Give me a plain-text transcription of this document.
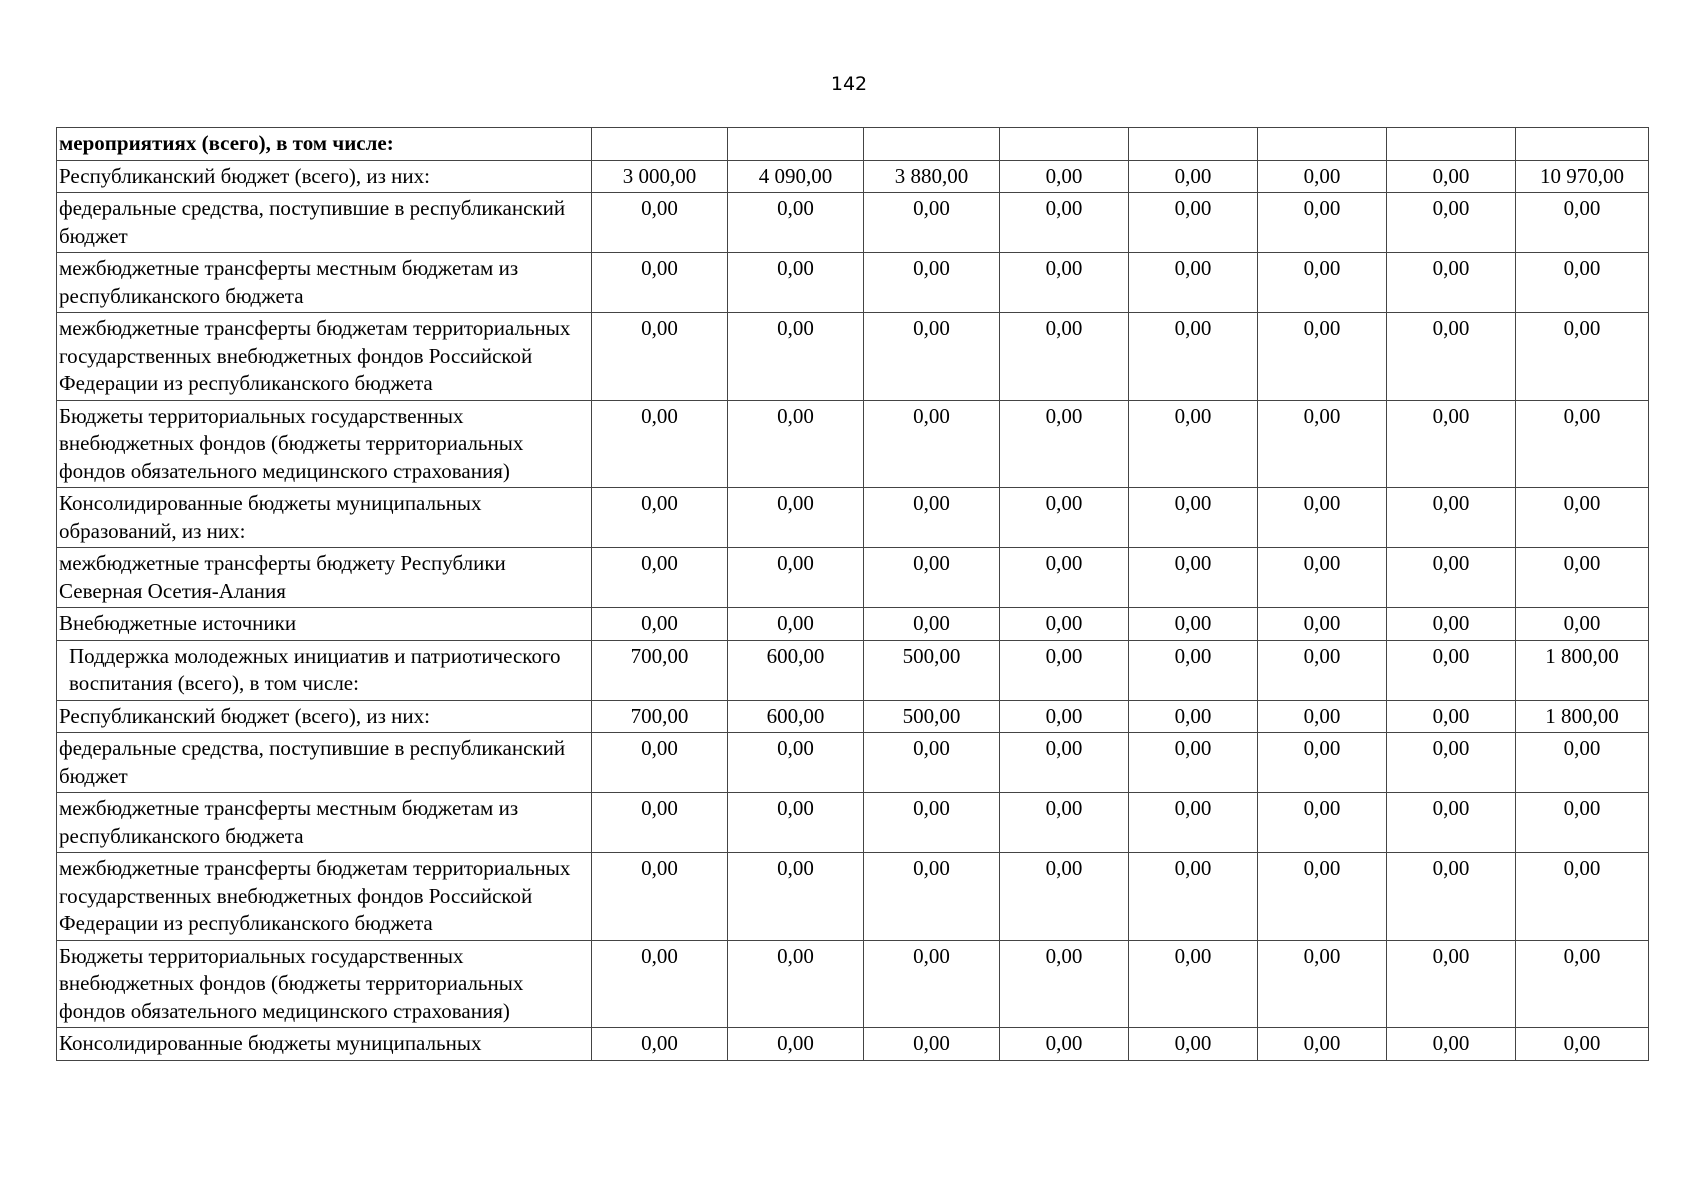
142
мероприятиях (всего), в том числе:								
Республиканский бюджет (всего), из них:	3 000,00	4 090,00	3 880,00	0,00	0,00	0,00	0,00	10 970,00
федеральные средства, поступившие в республиканский бюджет	0,00	0,00	0,00	0,00	0,00	0,00	0,00	0,00
межбюджетные трансферты местным бюджетам из республиканского бюджета	0,00	0,00	0,00	0,00	0,00	0,00	0,00	0,00
межбюджетные трансферты бюджетам территориальных государственных внебюджетных фондов Российской Федерации из республиканского бюджета	0,00	0,00	0,00	0,00	0,00	0,00	0,00	0,00
Бюджеты территориальных государственных внебюджетных фондов (бюджеты территориальных фондов обязательного медицинского страхования)	0,00	0,00	0,00	0,00	0,00	0,00	0,00	0,00
Консолидированные бюджеты муниципальных образований, из них:	0,00	0,00	0,00	0,00	0,00	0,00	0,00	0,00
межбюджетные трансферты бюджету Республики Северная Осетия-Алания	0,00	0,00	0,00	0,00	0,00	0,00	0,00	0,00
Внебюджетные источники	0,00	0,00	0,00	0,00	0,00	0,00	0,00	0,00
Поддержка молодежных инициатив и патриотического воспитания (всего), в том числе:	700,00	600,00	500,00	0,00	0,00	0,00	0,00	1 800,00
Республиканский бюджет (всего), из них:	700,00	600,00	500,00	0,00	0,00	0,00	0,00	1 800,00
федеральные средства, поступившие в республиканский бюджет	0,00	0,00	0,00	0,00	0,00	0,00	0,00	0,00
межбюджетные трансферты местным бюджетам из республиканского бюджета	0,00	0,00	0,00	0,00	0,00	0,00	0,00	0,00
межбюджетные трансферты бюджетам территориальных государственных внебюджетных фондов Российской Федерации из республиканского бюджета	0,00	0,00	0,00	0,00	0,00	0,00	0,00	0,00
Бюджеты территориальных государственных внебюджетных фондов (бюджеты территориальных фондов обязательного медицинского страхования)	0,00	0,00	0,00	0,00	0,00	0,00	0,00	0,00
Консолидированные бюджеты муниципальных	0,00	0,00	0,00	0,00	0,00	0,00	0,00	0,00
